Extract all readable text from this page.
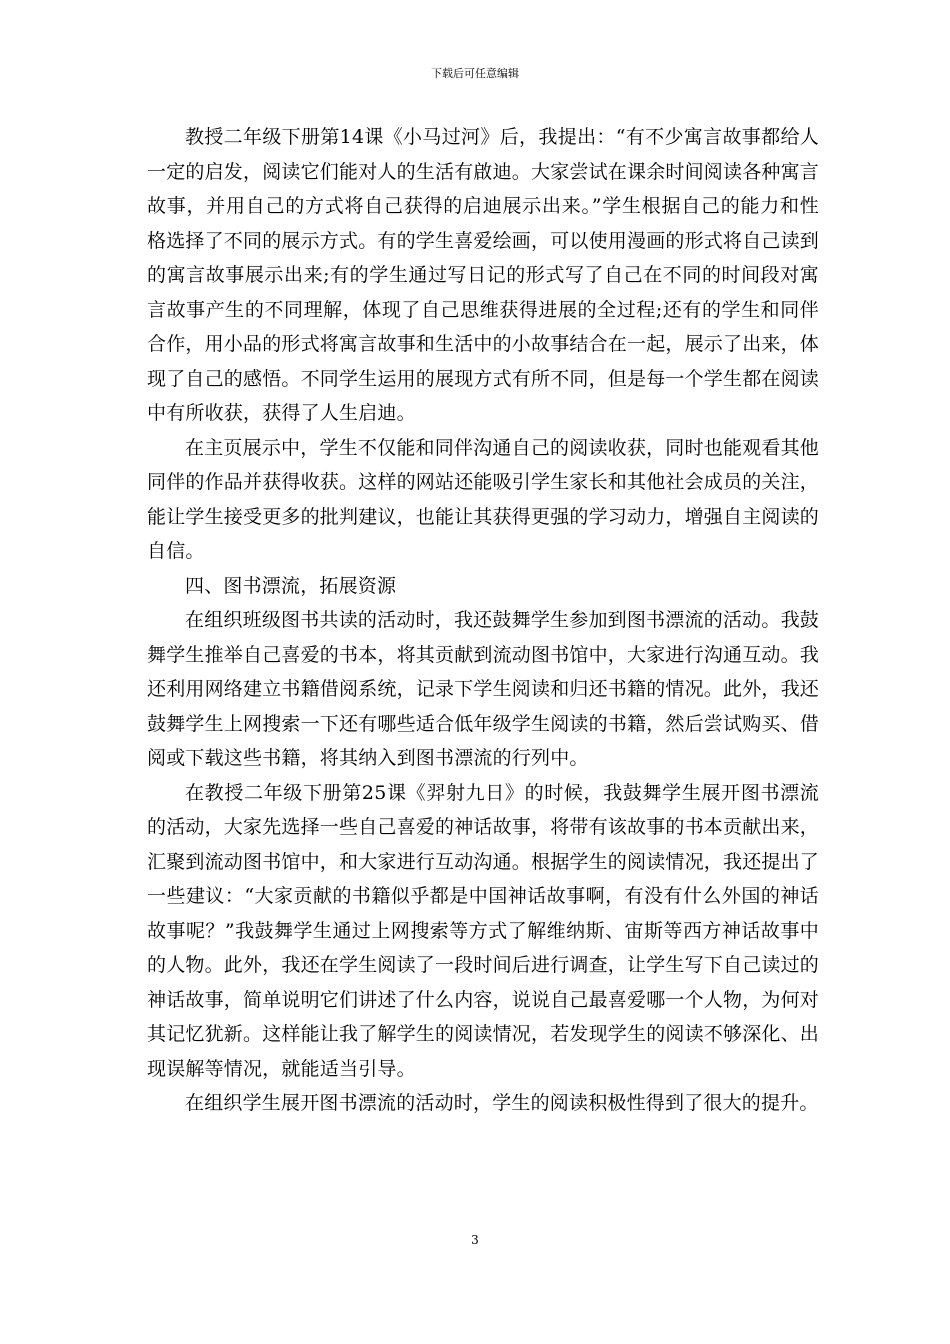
下载后可任意编辑

教授二年级下册第14课《小马过河》后，我提出：“有不少寓言故事都给人一定的启发，阅读它们能对人的生活有啟迪。大家尝试在课余时间阅读各种寓言故事，并用自己的方式将自己获得的启迪展示出来。”学生根据自己的能力和性格选择了不同的展示方式。有的学生喜爱绘画，可以使用漫画的形式将自己读到的寓言故事展示出来;有的学生通过写日记的形式写了自己在不同的时间段对寓言故事产生的不同理解，体现了自己思维获得进展的全过程;还有的学生和同伴合作，用小品的形式将寓言故事和生活中的小故事结合在一起，展示了出来，体现了自己的感悟。不同学生运用的展现方式有所不同，但是每一个学生都在阅读中有所收获，获得了人生启迪。

在主页展示中，学生不仅能和同伴沟通自己的阅读收获，同时也能观看其他同伴的作品并获得收获。这样的网站还能吸引学生家长和其他社会成员的关注，能让学生接受更多的批判建议，也能让其获得更强的学习动力，增强自主阅读的自信。

四、图书漂流，拓展资源

在组织班级图书共读的活动时，我还鼓舞学生参加到图书漂流的活动。我鼓舞学生推举自己喜爱的书本，将其贡献到流动图书馆中，大家进行沟通互动。我还利用网络建立书籍借阅系统，记录下学生阅读和归还书籍的情况。此外，我还鼓舞学生上网搜索一下还有哪些适合低年级学生阅读的书籍，然后尝试购买、借阅或下载这些书籍，将其纳入到图书漂流的行列中。

在教授二年级下册第25课《羿射九日》的时候，我鼓舞学生展开图书漂流的活动，大家先选择一些自己喜爱的神话故事，将带有该故事的书本贡献出来，汇聚到流动图书馆中，和大家进行互动沟通。根据学生的阅读情况，我还提出了一些建议：“大家贡献的书籍似乎都是中国神话故事啊，有没有什么外国的神话故事呢？”我鼓舞学生通过上网搜索等方式了解维纳斯、宙斯等西方神话故事中的人物。此外，我还在学生阅读了一段时间后进行调查，让学生写下自己读过的神话故事，简单说明它们讲述了什么内容，说说自己最喜爱哪一个人物，为何对其记忆犹新。这样能让我了解学生的阅读情况，若发现学生的阅读不够深化、出现误解等情况，就能适当引导。

在组织学生展开图书漂流的活动时，学生的阅读积极性得到了很大的提升。

3
